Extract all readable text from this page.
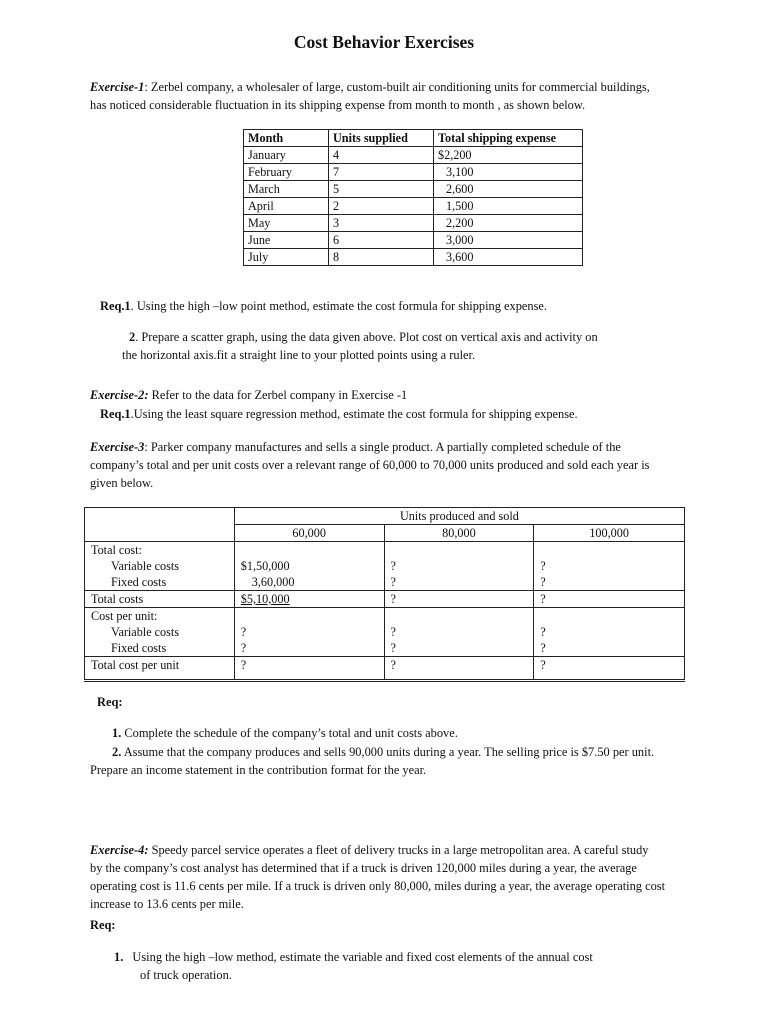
Cost Behavior Exercises
Exercise-1: Zerbel company, a wholesaler of large, custom-built air conditioning units for commercial buildings,
has noticed considerable fluctuation in its shipping expense from month to month , as shown below.
Month	Units supplied	Total shipping expense
January	4	$2,200
February	7	3,100
March	5	2,600
April	2	1,500
May	3	2,200
June	6	3,000
July	8	3,600
Req.1. Using the high –low point method, estimate the cost formula for shipping expense.
2. Prepare a scatter graph, using the data given above. Plot cost on vertical axis and activity on
the horizontal axis.fit a straight line to your plotted points using a ruler.
Exercise-2: Refer to the data for Zerbel company in Exercise -1
Req.1.Using the least square regression method, estimate the cost formula for shipping expense.
Exercise-3: Parker company manufactures and sells a single product. A partially completed schedule of the
company’s total and per unit costs over a relevant range of 60,000 to 70,000 units produced and sold each year is
given below.
	Units produced and sold		
	60,000	80,000	100,000
Total cost:			
Variable costs	$1,50,000	?	?
Fixed costs	3,60,000	?	?
Total costs	$5,10,000	?	?
Cost per unit:			
Variable costs	?	?	?
Fixed costs	?	?	?
Total cost per unit	?	?	?

Req:
1. Complete the schedule of the company’s total and unit costs above.
2. Assume that the company produces and sells 90,000 units during a year. The selling price is $7.50 per unit.
Prepare an income statement in the contribution format for the year.
Exercise-4: Speedy parcel service operates a fleet of delivery trucks in a large metropolitan area. A careful study
by the company’s cost analyst has determined that if a truck is driven 120,000 miles during a year, the average
operating cost is 11.6 cents per mile. If a truck is driven only 80,000, miles during a year, the average operating cost
increase to 13.6 cents per mile.
Req:
1. Using the high –low method, estimate the variable and fixed cost elements of the annual cost
of truck operation.
